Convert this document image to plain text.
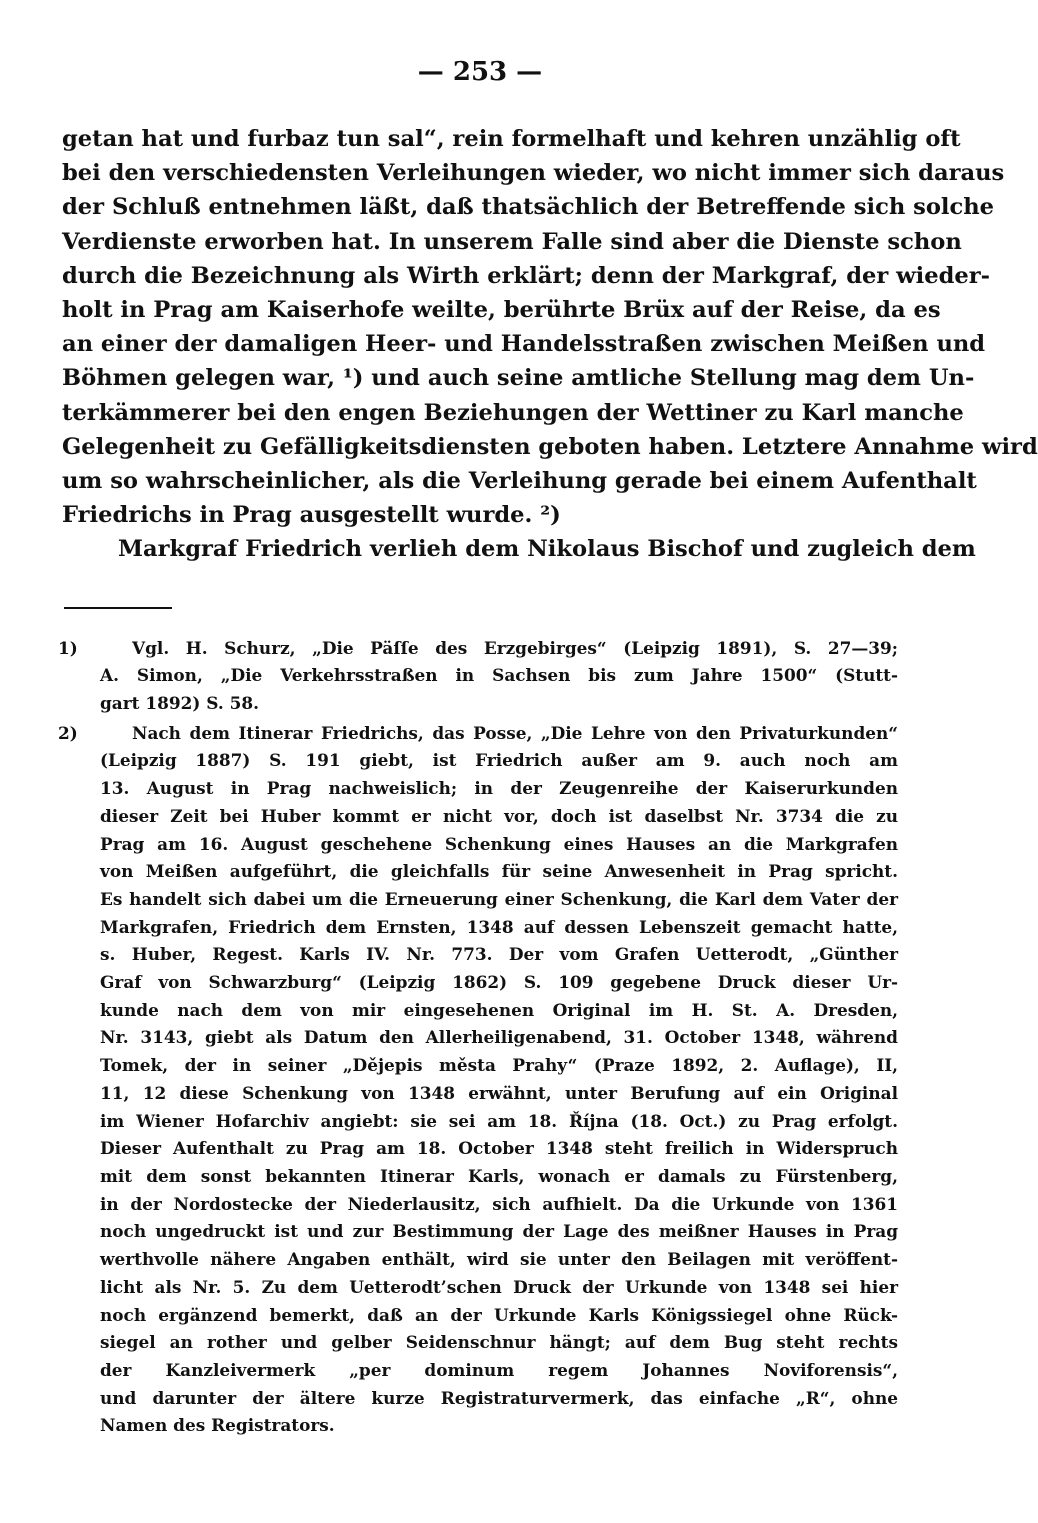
— 253 —
getan hat und furbaz tun sal“, rein formelhaft und kehren unzählig oft
bei den verschiedensten Verleihungen wieder, wo nicht immer sich daraus
der Schluß entnehmen läßt, daß thatsächlich der Betreffende sich solche
Verdienste erworben hat. In unserem Falle sind aber die Dienste schon
durch die Bezeichnung als Wirth erklärt; denn der Markgraf, der wieder-
holt in Prag am Kaiserhofe weilte, berührte Brüx auf der Reise, da es
an einer der damaligen Heer- und Handelsstraßen zwischen Meißen und
Böhmen gelegen war, ¹) und auch seine amtliche Stellung mag dem Un-
terkämmerer bei den engen Beziehungen der Wettiner zu Karl manche
Gelegenheit zu Gefälligkeitsdiensten geboten haben. Letztere Annahme wird
um so wahrscheinlicher, als die Verleihung gerade bei einem Aufenthalt
Friedrichs in Prag ausgestellt wurde. ²)
Markgraf Friedrich verlieh dem Nikolaus Bischof und zugleich dem
1)	Vgl. H. Schurz, „Die Päſſe des Erzgebirges“ (Leipzig 1891), S. 27—39;
A. Simon, „Die Verkehrsstraßen in Sachsen bis zum Jahre 1500“ (Stutt-
gart 1892) S. 58.
2)	Nach dem Itinerar Friedrichs, das Posse, „Die Lehre von den Privaturkunden“
(Leipzig 1887) S. 191 giebt, ist Friedrich außer am 9. auch noch am
13. August in Prag nachweislich; in der Zeugenreihe der Kaiserurkunden
dieser Zeit bei Huber kommt er nicht vor, doch ist daselbst Nr. 3734 die zu
Prag am 16. August geschehene Schenkung eines Hauses an die Markgrafen
von Meißen aufgeführt, die gleichfalls für seine Anwesenheit in Prag spricht.
Es handelt sich dabei um die Erneuerung einer Schenkung, die Karl dem Vater der
Markgrafen, Friedrich dem Ernsten, 1348 auf dessen Lebenszeit gemacht hatte,
s. Huber, Regest. Karls IV. Nr. 773. Der vom Grafen Uetterodt, „Günther
Graf von Schwarzburg“ (Leipzig 1862) S. 109 gegebene Druck dieser Ur-
kunde nach dem von mir eingesehenen Original im H. St. A. Dresden,
Nr. 3143, giebt als Datum den Allerheiligenabend, 31. October 1348, während
Tomek, der in seiner „Dějepis města Prahy“ (Praze 1892, 2. Auflage), II,
11, 12 diese Schenkung von 1348 erwähnt, unter Berufung auf ein Original
im Wiener Hofarchiv angiebt: sie sei am 18. Října (18. Oct.) zu Prag erfolgt.
Dieser Aufenthalt zu Prag am 18. October 1348 steht freilich in Widerspruch
mit dem sonst bekannten Itinerar Karls, wonach er damals zu Fürstenberg,
in der Nordostecke der Niederlausitz, sich aufhielt. Da die Urkunde von 1361
noch ungedruckt ist und zur Bestimmung der Lage des meißner Hauses in Prag
werthvolle nähere Angaben enthält, wird sie unter den Beilagen mit veröffent-
licht als Nr. 5. Zu dem Uetterodt’schen Druck der Urkunde von 1348 sei hier
noch ergänzend bemerkt, daß an der Urkunde Karls Königssiegel ohne Rück-
siegel an rother und gelber Seidenschnur hängt; auf dem Bug steht rechts
der Kanzleivermerk „per dominum regem Johannes Noviforensis“,
und darunter der ältere kurze Registraturvermerk, das einfache „R“, ohne
Namen des Registrators.
